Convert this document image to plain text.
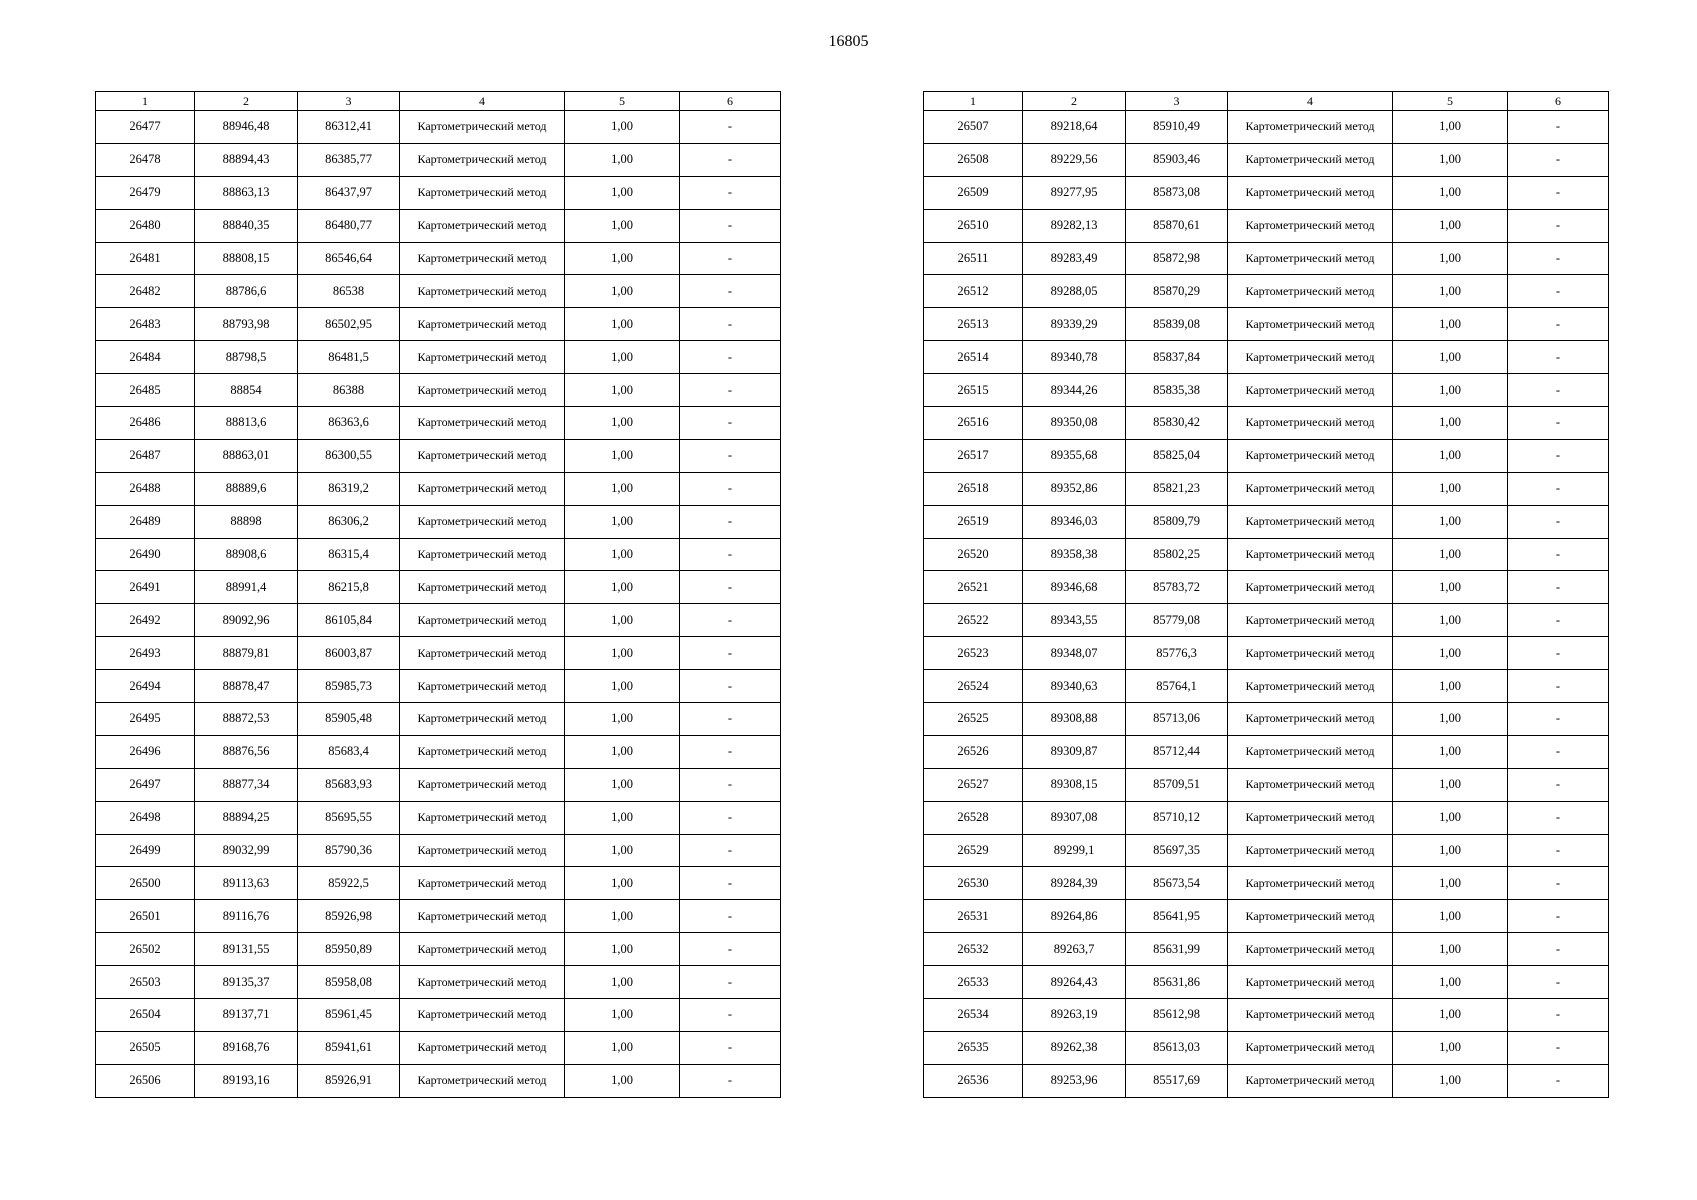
16805
1	2	3	4	5	6
26477	88946,48	86312,41	Картометрический метод	1,00	-
26478	88894,43	86385,77	Картометрический метод	1,00	-
26479	88863,13	86437,97	Картометрический метод	1,00	-
26480	88840,35	86480,77	Картометрический метод	1,00	-
26481	88808,15	86546,64	Картометрический метод	1,00	-
26482	88786,6	86538	Картометрический метод	1,00	-
26483	88793,98	86502,95	Картометрический метод	1,00	-
26484	88798,5	86481,5	Картометрический метод	1,00	-
26485	88854	86388	Картометрический метод	1,00	-
26486	88813,6	86363,6	Картометрический метод	1,00	-
26487	88863,01	86300,55	Картометрический метод	1,00	-
26488	88889,6	86319,2	Картометрический метод	1,00	-
26489	88898	86306,2	Картометрический метод	1,00	-
26490	88908,6	86315,4	Картометрический метод	1,00	-
26491	88991,4	86215,8	Картометрический метод	1,00	-
26492	89092,96	86105,84	Картометрический метод	1,00	-
26493	88879,81	86003,87	Картометрический метод	1,00	-
26494	88878,47	85985,73	Картометрический метод	1,00	-
26495	88872,53	85905,48	Картометрический метод	1,00	-
26496	88876,56	85683,4	Картометрический метод	1,00	-
26497	88877,34	85683,93	Картометрический метод	1,00	-
26498	88894,25	85695,55	Картометрический метод	1,00	-
26499	89032,99	85790,36	Картометрический метод	1,00	-
26500	89113,63	85922,5	Картометрический метод	1,00	-
26501	89116,76	85926,98	Картометрический метод	1,00	-
26502	89131,55	85950,89	Картометрический метод	1,00	-
26503	89135,37	85958,08	Картометрический метод	1,00	-
26504	89137,71	85961,45	Картометрический метод	1,00	-
26505	89168,76	85941,61	Картометрический метод	1,00	-
26506	89193,16	85926,91	Картометрический метод	1,00	-
1	2	3	4	5	6
26507	89218,64	85910,49	Картометрический метод	1,00	-
26508	89229,56	85903,46	Картометрический метод	1,00	-
26509	89277,95	85873,08	Картометрический метод	1,00	-
26510	89282,13	85870,61	Картометрический метод	1,00	-
26511	89283,49	85872,98	Картометрический метод	1,00	-
26512	89288,05	85870,29	Картометрический метод	1,00	-
26513	89339,29	85839,08	Картометрический метод	1,00	-
26514	89340,78	85837,84	Картометрический метод	1,00	-
26515	89344,26	85835,38	Картометрический метод	1,00	-
26516	89350,08	85830,42	Картометрический метод	1,00	-
26517	89355,68	85825,04	Картометрический метод	1,00	-
26518	89352,86	85821,23	Картометрический метод	1,00	-
26519	89346,03	85809,79	Картометрический метод	1,00	-
26520	89358,38	85802,25	Картометрический метод	1,00	-
26521	89346,68	85783,72	Картометрический метод	1,00	-
26522	89343,55	85779,08	Картометрический метод	1,00	-
26523	89348,07	85776,3	Картометрический метод	1,00	-
26524	89340,63	85764,1	Картометрический метод	1,00	-
26525	89308,88	85713,06	Картометрический метод	1,00	-
26526	89309,87	85712,44	Картометрический метод	1,00	-
26527	89308,15	85709,51	Картометрический метод	1,00	-
26528	89307,08	85710,12	Картометрический метод	1,00	-
26529	89299,1	85697,35	Картометрический метод	1,00	-
26530	89284,39	85673,54	Картометрический метод	1,00	-
26531	89264,86	85641,95	Картометрический метод	1,00	-
26532	89263,7	85631,99	Картометрический метод	1,00	-
26533	89264,43	85631,86	Картометрический метод	1,00	-
26534	89263,19	85612,98	Картометрический метод	1,00	-
26535	89262,38	85613,03	Картометрический метод	1,00	-
26536	89253,96	85517,69	Картометрический метод	1,00	-
